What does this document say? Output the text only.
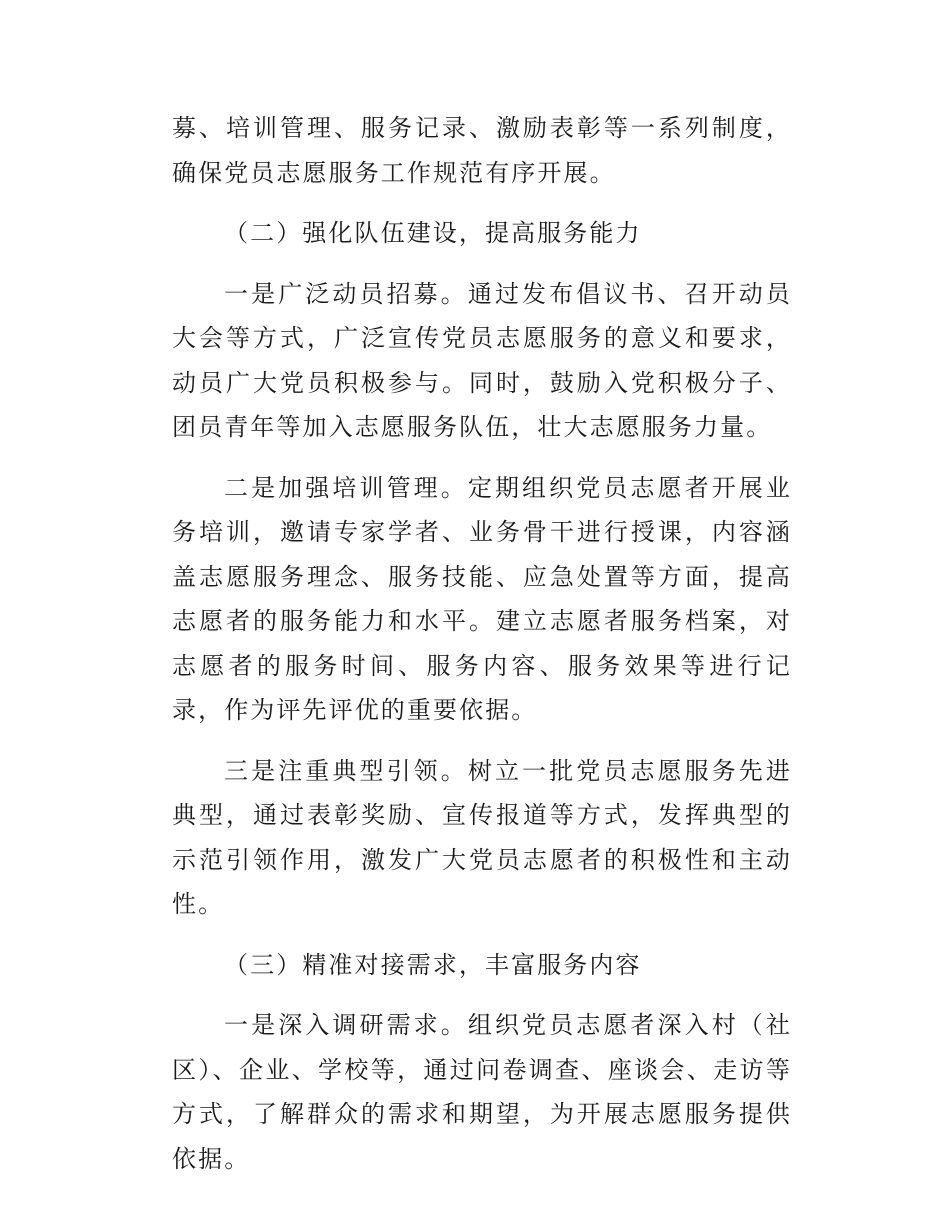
募、培训管理、服务记录、激励表彰等一系列制度，确保党员志愿服务工作规范有序开展。

（二）强化队伍建设，提高服务能力

一是广泛动员招募。通过发布倡议书、召开动员大会等方式，广泛宣传党员志愿服务的意义和要求，动员广大党员积极参与。同时，鼓励入党积极分子、团员青年等加入志愿服务队伍，壮大志愿服务力量。

二是加强培训管理。定期组织党员志愿者开展业务培训，邀请专家学者、业务骨干进行授课，内容涵盖志愿服务理念、服务技能、应急处置等方面，提高志愿者的服务能力和水平。建立志愿者服务档案，对志愿者的服务时间、服务内容、服务效果等进行记录，作为评先评优的重要依据。

三是注重典型引领。树立一批党员志愿服务先进典型，通过表彰奖励、宣传报道等方式，发挥典型的示范引领作用，激发广大党员志愿者的积极性和主动性。

（三）精准对接需求，丰富服务内容

一是深入调研需求。组织党员志愿者深入村（社区）、企业、学校等，通过问卷调查、座谈会、走访等方式，了解群众的需求和期望，为开展志愿服务提供依据。
